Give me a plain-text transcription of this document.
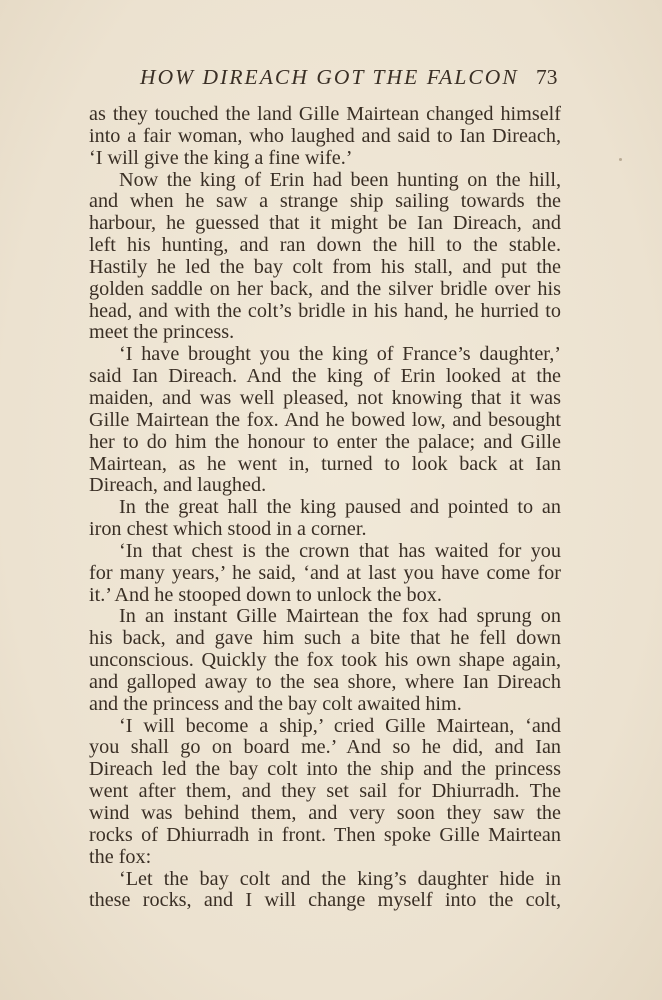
HOW DIREACH GOT THE FALCON 73
as they touched the land Gille Mairtean changed himself
into a fair woman, who laughed and said to Ian Direach,
‘I will give the king a fine wife.’
Now the king of Erin had been hunting on the hill,
and when he saw a strange ship sailing towards the
harbour, he guessed that it might be Ian Direach, and
left his hunting, and ran down the hill to the stable.
Hastily he led the bay colt from his stall, and put the
golden saddle on her back, and the silver bridle over his
head, and with the colt’s bridle in his hand, he hurried to
meet the princess.
‘I have brought you the king of France’s daughter,’
said Ian Direach. And the king of Erin looked at the
maiden, and was well pleased, not knowing that it was
Gille Mairtean the fox. And he bowed low, and besought
her to do him the honour to enter the palace; and Gille
Mairtean, as he went in, turned to look back at Ian
Direach, and laughed.
In the great hall the king paused and pointed to an
iron chest which stood in a corner.
‘In that chest is the crown that has waited for you
for many years,’ he said, ‘and at last you have come for
it.’ And he stooped down to unlock the box.
In an instant Gille Mairtean the fox had sprung on
his back, and gave him such a bite that he fell down
unconscious. Quickly the fox took his own shape again,
and galloped away to the sea shore, where Ian Direach
and the princess and the bay colt awaited him.
‘I will become a ship,’ cried Gille Mairtean, ‘and
you shall go on board me.’ And so he did, and Ian
Direach led the bay colt into the ship and the princess
went after them, and they set sail for Dhiurradh. The
wind was behind them, and very soon they saw the
rocks of Dhiurradh in front. Then spoke Gille Mairtean
the fox:
‘Let the bay colt and the king’s daughter hide in
these rocks, and I will change myself into the colt,
